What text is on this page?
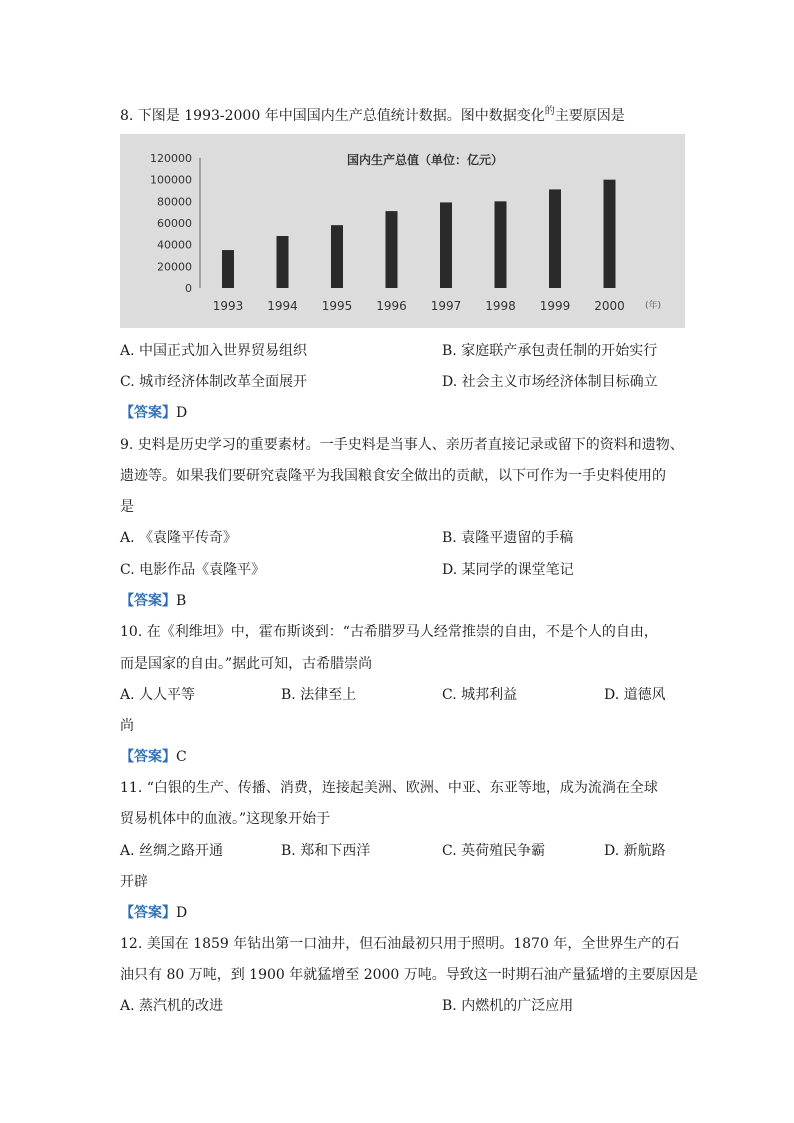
8. 下图是 1993-2000 年中国国内生产总值统计数据。图中数据变化$^的$主要原因是
国内生产总值（单位：亿元）
120000
100000
80000
60000
40000
20000
0
1993 1994 1995 1996 1997 1998 1999 2000 (年)
A. 中国正式加入世界贸易组织	B. 家庭联产承包责任制的开始实行
C. 城市经济体制改革全面展开	D. 社会主义市场经济体制目标确立
【答案】D
9. 史料是历史学习的重要素材。一手史料是当事人、亲历者直接记录或留下的资料和遗物、
遗迹等。如果我们要研究袁隆平为我国粮食安全做出的贡献，以下可作为一手史料使用的
是
A. 《袁隆平传奇》	B. 袁隆平遗留的手稿
C. 电影作品《袁隆平》	D. 某同学的课堂笔记
【答案】B
10. 在《利维坦》中，霍布斯谈到：“古希腊罗马人经常推崇的自由，不是个人的自由，
而是国家的自由。”据此可知，古希腊崇尚
A. 人人平等	B. 法律至上	C. 城邦利益	D. 道德风
尚
【答案】C
11. “白银的生产、传播、消费，连接起美洲、欧洲、中亚、东亚等地，成为流淌在全球
贸易机体中的血液。”这现象开始于
A. 丝绸之路开通	B. 郑和下西洋	C. 英荷殖民争霸	D. 新航路
开辟
【答案】D
12. 美国在 1859 年钻出第一口油井，但石油最初只用于照明。1870 年，全世界生产的石
油只有 80 万吨，到 1900 年就猛增至 2000 万吨。导致这一时期石油产量猛增的主要原因是
A. 蒸汽机的改进	B. 内燃机的广泛应用
